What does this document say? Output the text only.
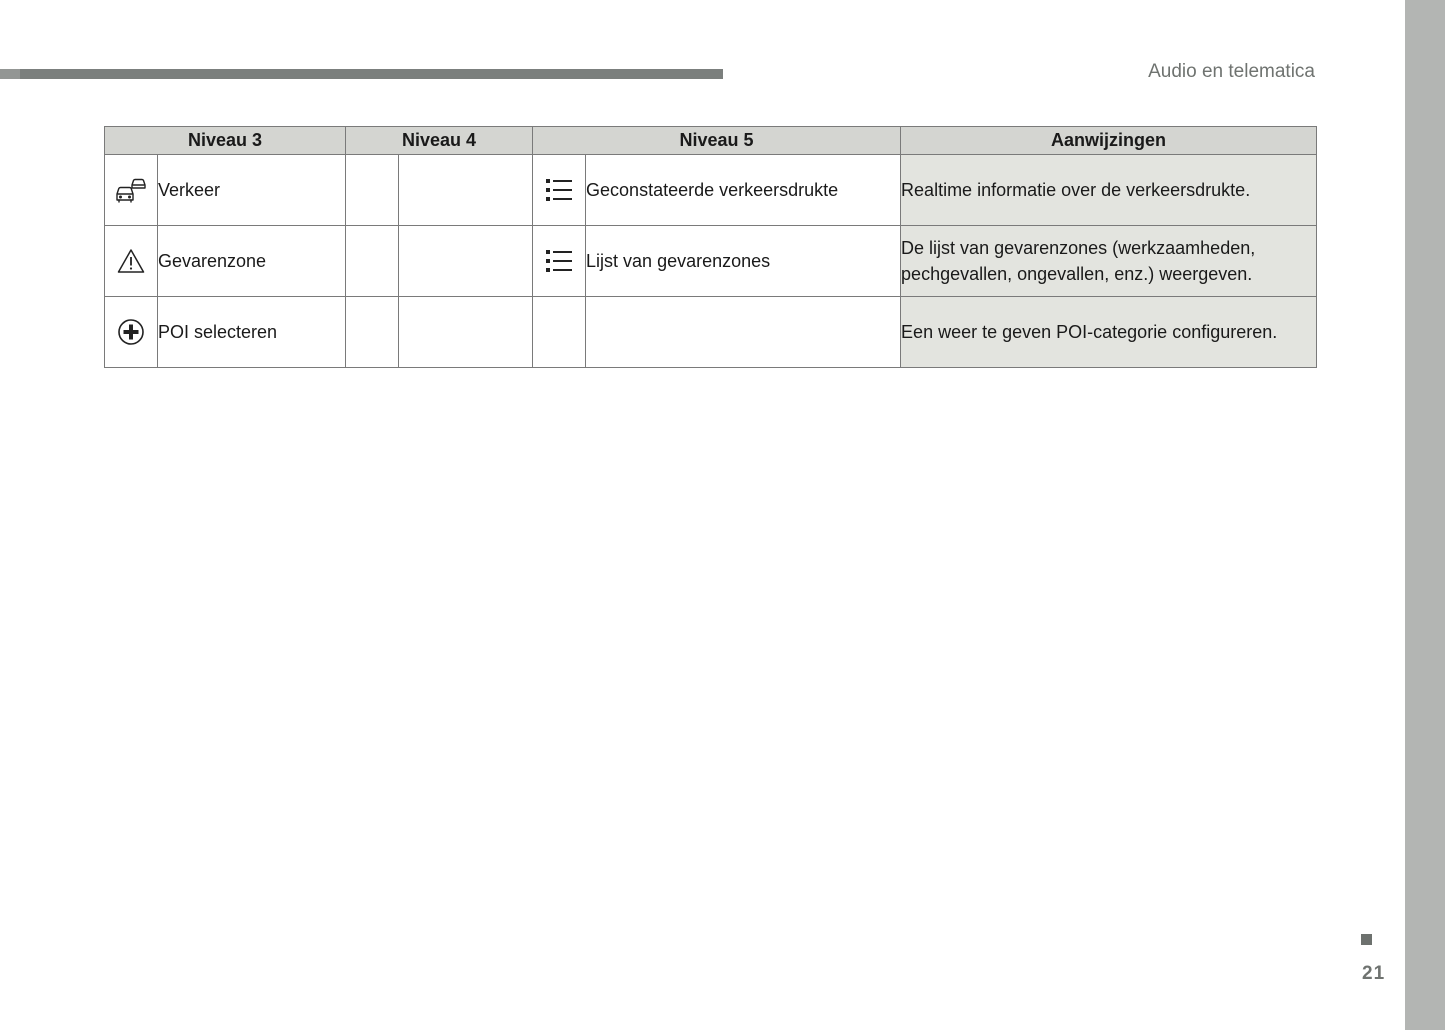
Audio en telematica
Niveau 3		Niveau 4		Niveau 5		Aanwijzingen
	Verkeer				Geconstateerde verkeersdrukte	Realtime informatie over de verkeersdrukte.
	Gevarenzone				Lijst van gevarenzones	De lijst van gevarenzones (werkzaamheden, pechgevallen, ongevallen, enz.) weergeven.
	POI selecteren					Een weer te geven POI-categorie configureren.
21
